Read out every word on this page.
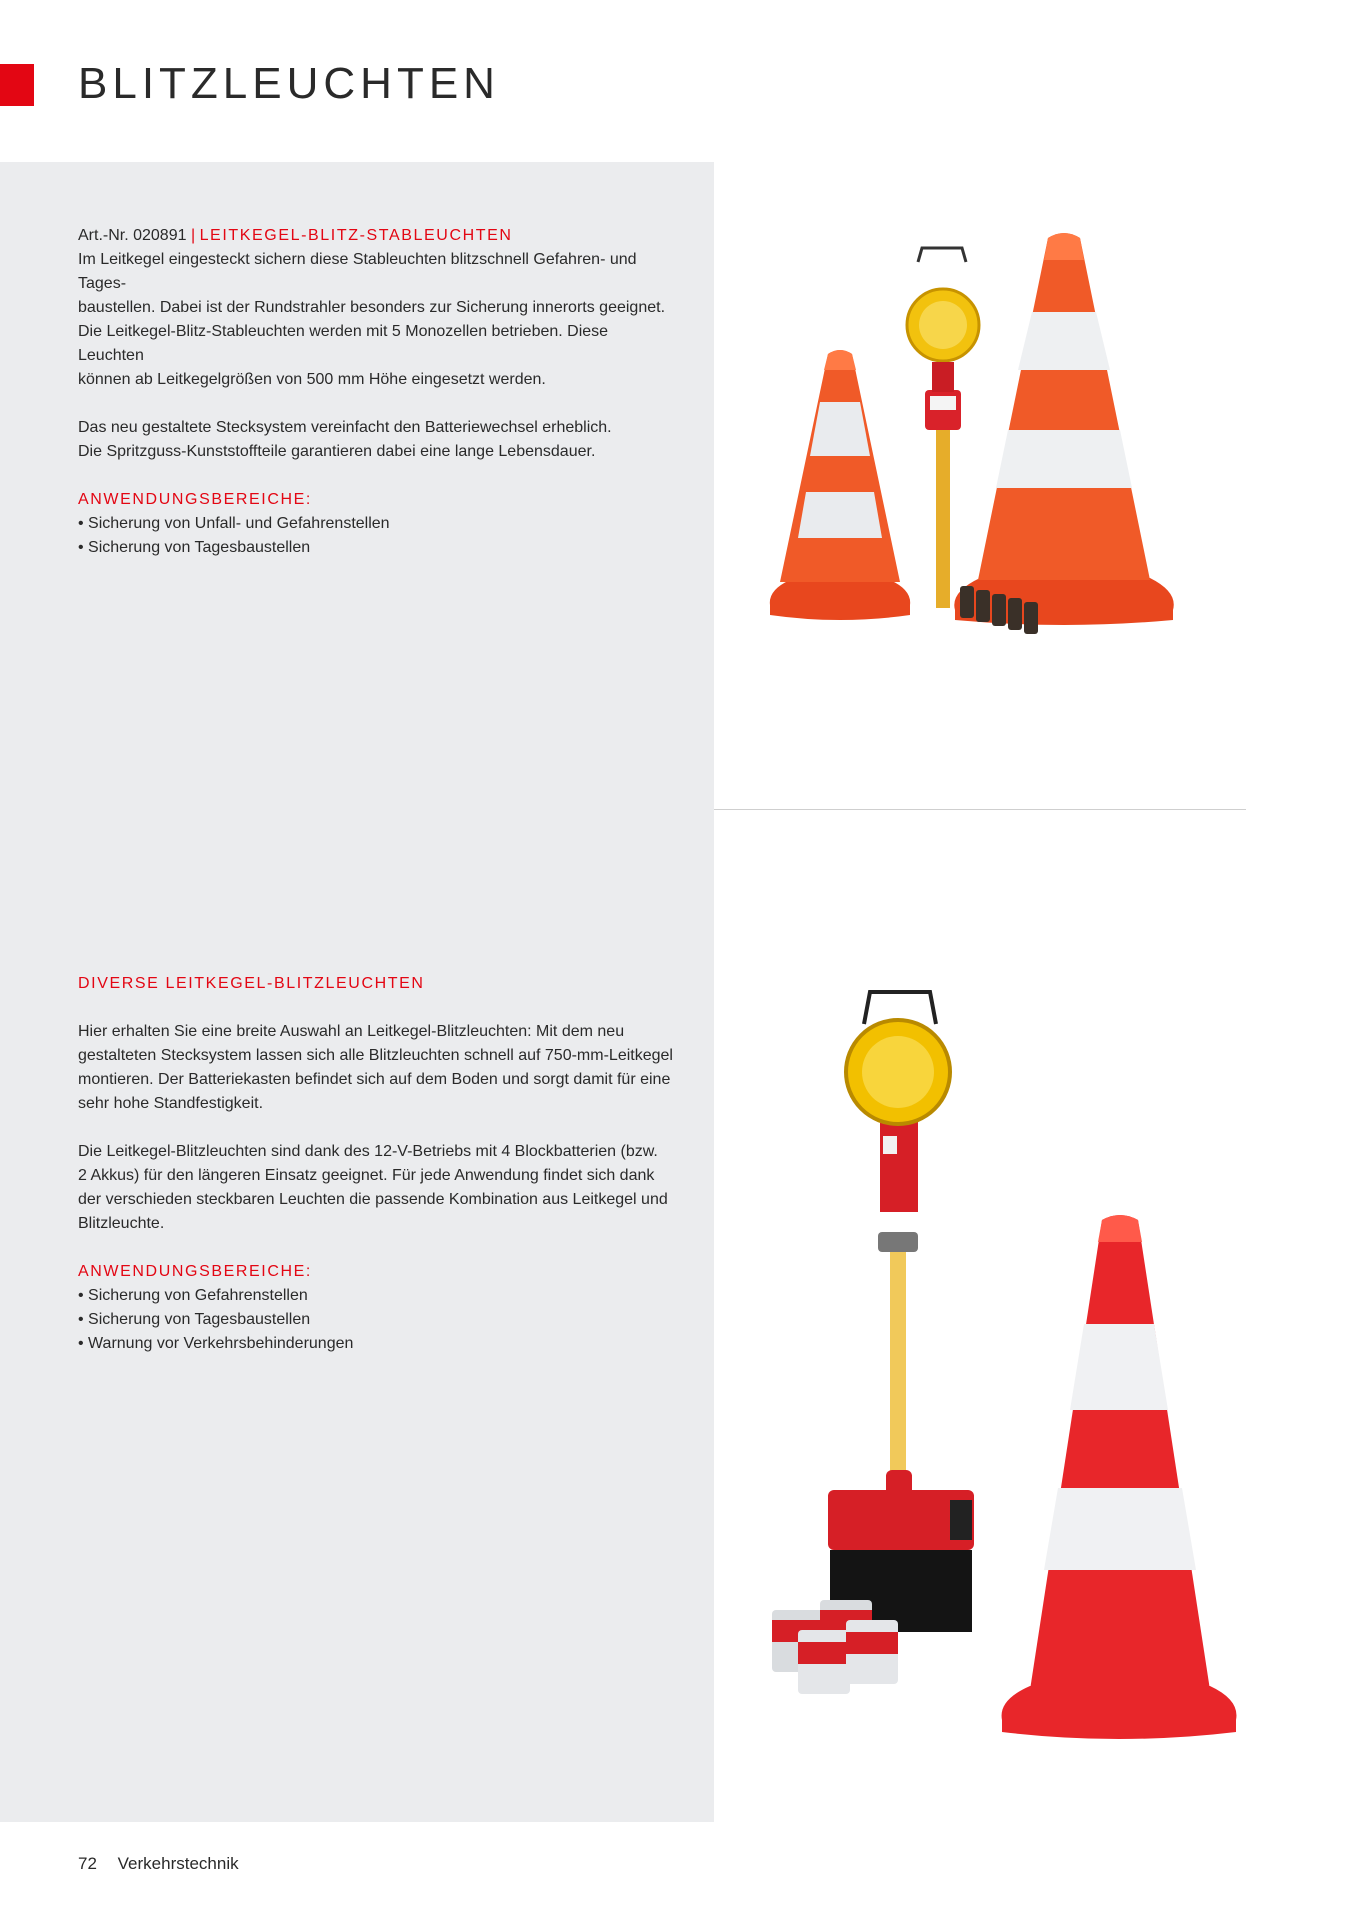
BLITZLEUCHTEN

Art.-Nr. 020891 | LEITKEGEL-BLITZ-STABLEUCHTEN

Im Leitkegel eingesteckt sichern diese Stableuchten blitzschnell Gefahren- und Tages-
baustellen. Dabei ist der Rundstrahler besonders zur Sicherung innerorts geeignet.
Die Leitkegel-Blitz-Stableuchten werden mit 5 Monozellen betrieben. Diese Leuchten
können ab Leitkegelgrößen von 500 mm Höhe eingesetzt werden.

Das neu gestaltete Stecksystem vereinfacht den Batteriewechsel erheblich.
Die Spritzguss-Kunststoffteile garantieren dabei eine lange Lebensdauer.

ANWENDUNGSBEREICHE:

• Sicherung von Unfall- und Gefahrenstellen
• Sicherung von Tagesbaustellen

DIVERSE LEITKEGEL-BLITZLEUCHTEN

Hier erhalten Sie eine breite Auswahl an Leitkegel-Blitzleuchten: Mit dem neu
gestalteten Stecksystem lassen sich alle Blitzleuchten schnell auf 750-mm-Leitkegel
montieren. Der Batteriekasten befindet sich auf dem Boden und sorgt damit für eine
sehr hohe Standfestigkeit.

Die Leitkegel-Blitzleuchten sind dank des 12-V-Betriebs mit 4 Blockbatterien (bzw.
2 Akkus) für den längeren Einsatz geeignet. Für jede Anwendung findet sich dank
der verschieden steckbaren Leuchten die passende Kombination aus Leitkegel und
Blitzleuchte.

ANWENDUNGSBEREICHE:

• Sicherung von Gefahrenstellen
• Sicherung von Tagesbaustellen
• Warnung vor Verkehrsbehinderungen
72 Verkehrstechnik
